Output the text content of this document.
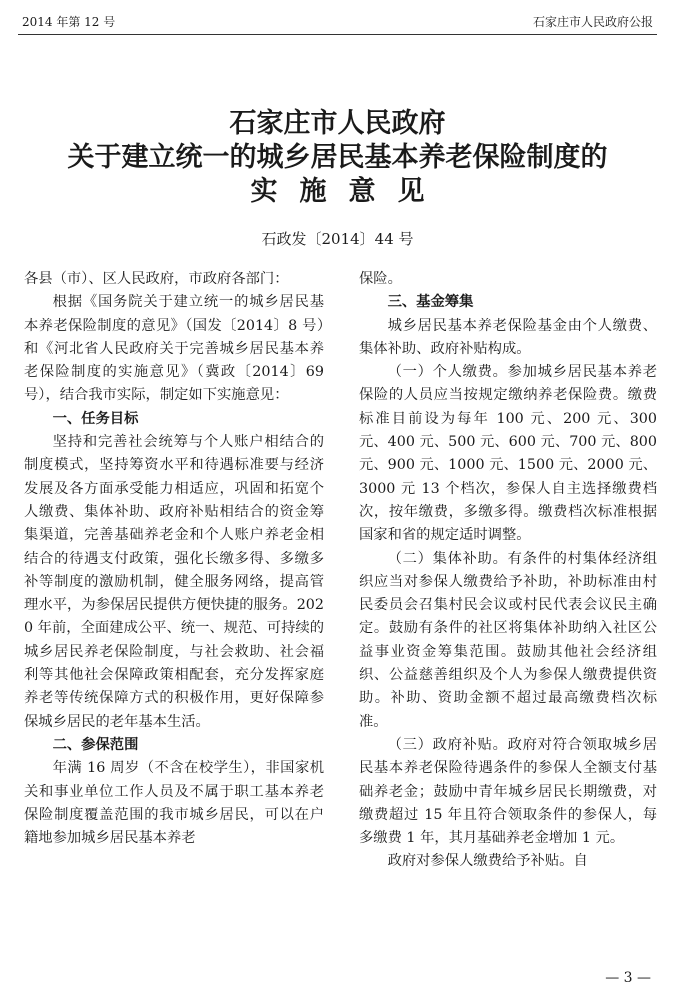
2014 年第 12 号	石家庄市人民政府公报
石家庄市人民政府
关于建立统一的城乡居民基本养老保险制度的
实施意见
石政发〔2014〕44 号

各县（市）、区人民政府，市政府各部门：

根据《国务院关于建立统一的城乡居民基本养老保险制度的意见》（国发〔2014〕8 号）和《河北省人民政府关于完善城乡居民基本养老保险制度的实施意见》（冀政〔2014〕69 号），结合我市实际，制定如下实施意见：

一、任务目标

坚持和完善社会统筹与个人账户相结合的制度模式，坚持筹资水平和待遇标准要与经济发展及各方面承受能力相适应，巩固和拓宽个人缴费、集体补助、政府补贴相结合的资金筹集渠道，完善基础养老金和个人账户养老金相结合的待遇支付政策，强化长缴多得、多缴多补等制度的激励机制，健全服务网络，提高管理水平，为参保居民提供方便快捷的服务。2020 年前，全面建成公平、统一、规范、可持续的城乡居民养老保险制度，与社会救助、社会福利等其他社会保障政策相配套，充分发挥家庭养老等传统保障方式的积极作用，更好保障参保城乡居民的老年基本生活。

二、参保范围

年满 16 周岁（不含在校学生），非国家机关和事业单位工作人员及不属于职工基本养老保险制度覆盖范围的我市城乡居民，可以在户籍地参加城乡居民基本养老

保险。

三、基金筹集

城乡居民基本养老保险基金由个人缴费、集体补助、政府补贴构成。

（一）个人缴费。参加城乡居民基本养老保险的人员应当按规定缴纳养老保险费。缴费标准目前设为每年 100 元、200 元、300 元、400 元、500 元、600 元、700 元、800 元、900 元、1000 元、1500 元、2000 元、3000 元 13 个档次，参保人自主选择缴费档次，按年缴费，多缴多得。缴费档次标准根据国家和省的规定适时调整。

（二）集体补助。有条件的村集体经济组织应当对参保人缴费给予补助，补助标准由村民委员会召集村民会议或村民代表会议民主确定。鼓励有条件的社区将集体补助纳入社区公益事业资金筹集范围。鼓励其他社会经济组织、公益慈善组织及个人为参保人缴费提供资助。补助、资助金额不超过最高缴费档次标准。

（三）政府补贴。政府对符合领取城乡居民基本养老保险待遇条件的参保人全额支付基础养老金；鼓励中青年城乡居民长期缴费，对缴费超过 15 年且符合领取条件的参保人，每多缴费 1 年，其月基础养老金增加 1 元。

政府对参保人缴费给予补贴。自

— 3 —
